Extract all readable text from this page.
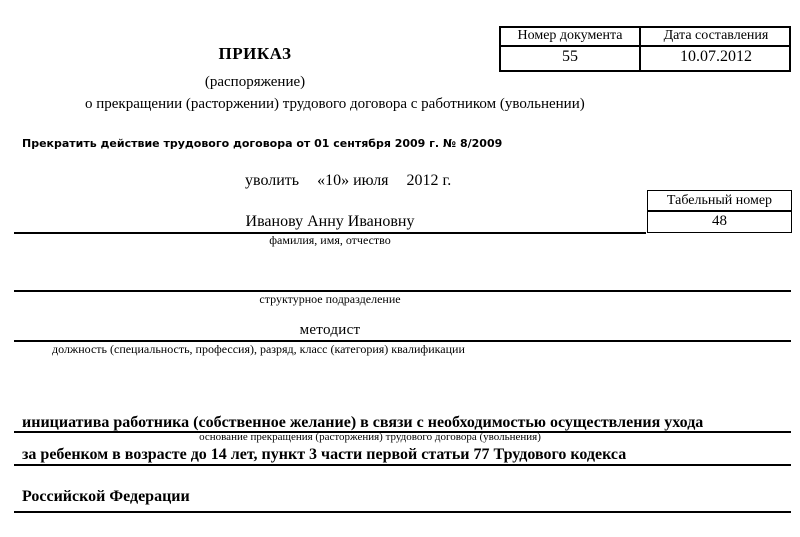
Номер документа	Дата составления
55	10.07.2012
ПРИКАЗ
(распоряжение)
о прекращении (расторжении) трудового договора с работником (увольнении)
Прекратить действие трудового договора от 01 сентября 2009 г. № 8/2009
уволить «10» июля 2012 г.
Табельный номер
48
Иванову Анну Ивановну
фамилия, имя, отчество
структурное подразделение
методист
должность (специальность, профессия), разряд, класс (категория) квалификации
инициатива работника (собственное желание) в связи с необходимостью осуществления ухода
основание прекращения (расторжения) трудового договора (увольнения)
за ребенком в возрасте до 14 лет, пункт 3 части первой статьи 77 Трудового кодекса
Российской Федерации
